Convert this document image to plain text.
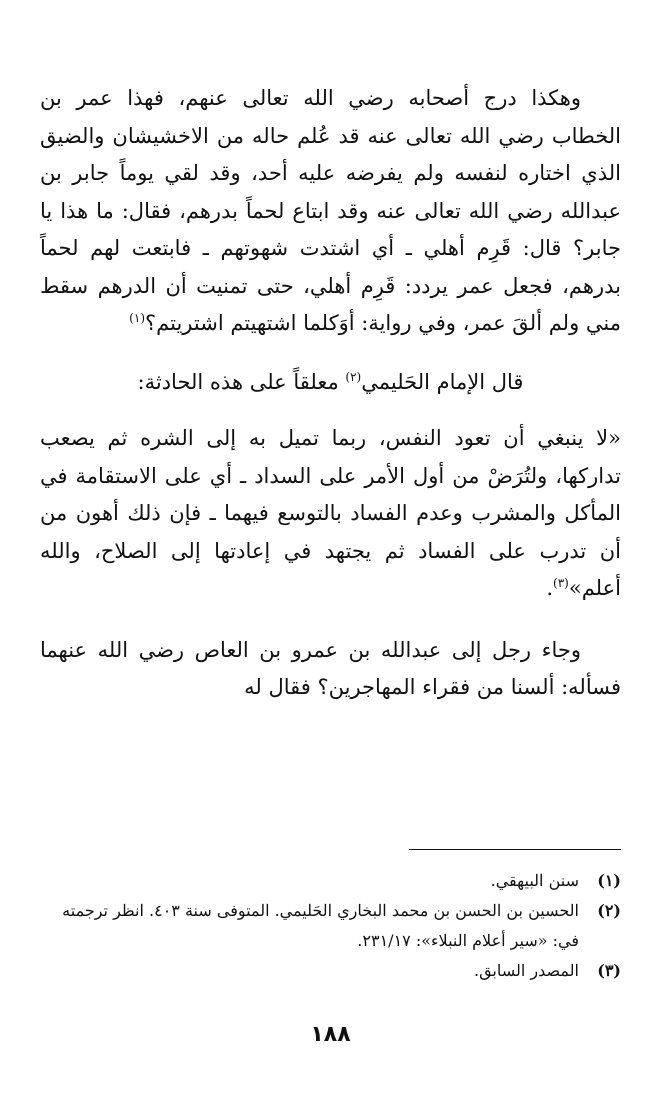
وهكذا درج أصحابه رضي الله تعالى عنهم، فهذا عمر بن الخطاب رضي الله تعالى عنه قد عُلم حاله من الاخشيشان والضيق الذي اختاره لنفسه ولم يفرضه عليه أحد، وقد لقي يوماً جابر بن عبدالله رضي الله تعالى عنه وقد ابتاع لحماً بدرهم، فقال: ما هذا يا جابر؟ قال: قَرِم أهلي ـ أي اشتدت شهوتهم ـ فابتعت لهم لحماً بدرهم، فجعل عمر يردد: قَرِم أهلي، حتى تمنيت أن الدرهم سقط مني ولم ألقَ عمر، وفي رواية: أوَكلما اشتهيتم اشتريتم؟$^{(١)}$

قال الإمام الحَليمي$^{(٢)}$ معلقاً على هذه الحادثة:

«لا ينبغي أن تعود النفس، ربما تميل به إلى الشره ثم يصعب تداركها، ولتُرَضْ من أول الأمر على السداد ـ أي على الاستقامة في المأكل والمشرب وعدم الفساد بالتوسع فيهما ـ فإن ذلك أهون من أن تدرب على الفساد ثم يجتهد في إعادتها إلى الصلاح، والله أعلم»$^{(٣)}$.

وجاء رجل إلى عبدالله بن عمرو بن العاص رضي الله عنهما فسأله: ألسنا من فقراء المهاجرين؟ فقال له

(١)
سنن البيهقي.
(٢)
الحسين بن الحسن بن محمد البخاري الحَليمي. المتوفى سنة ٤٠٣. انظر ترجمته في: «سير أعلام النبلاء»: ٢٣١/١٧.
(٣)
المصدر السابق.
١٨٨
